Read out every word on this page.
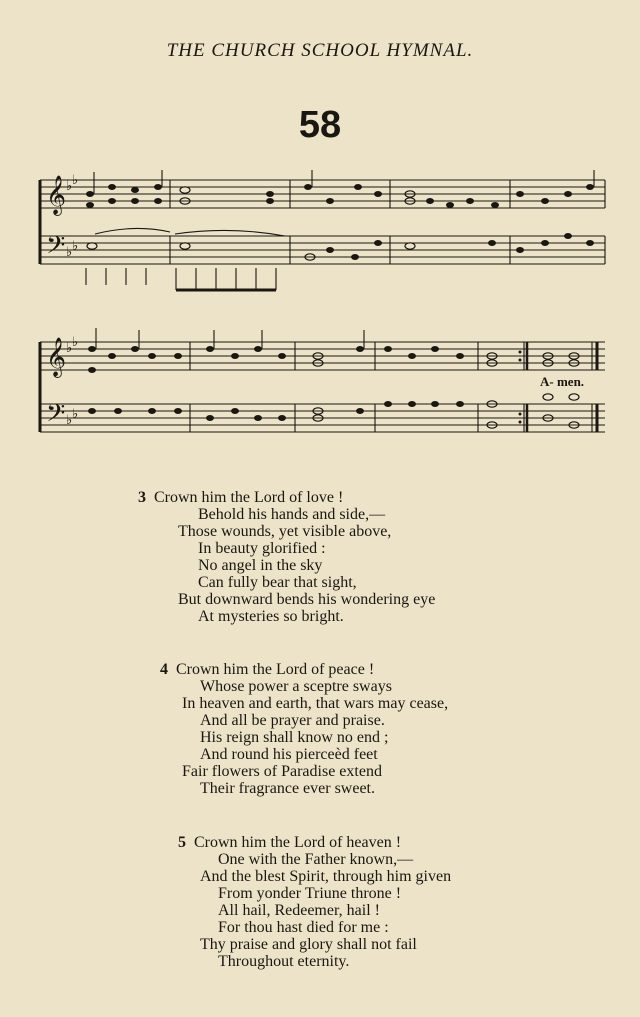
THE CHURCH SCHOOL HYMNAL.
58
𝄞
𝄢
♭ ♭
♭ ♭
𝄞
𝄢
♭ ♭
♭ ♭
A- men.
3 Crown him the Lord of love !
Behold his hands and side,—
Those wounds, yet visible above,
In beauty glorified :
No angel in the sky
Can fully bear that sight,
But downward bends his wondering eye
At mysteries so bright.
4 Crown him the Lord of peace !
Whose power a sceptre sways
In heaven and earth, that wars may cease,
And all be prayer and praise.
His reign shall know no end ;
And round his pierceèd feet
Fair flowers of Paradise extend
Their fragrance ever sweet.
5 Crown him the Lord of heaven !
One with the Father known,—
And the blest Spirit, through him given
From yonder Triune throne !
All hail, Redeemer, hail !
For thou hast died for me :
Thy praise and glory shall not fail
Throughout eternity.
